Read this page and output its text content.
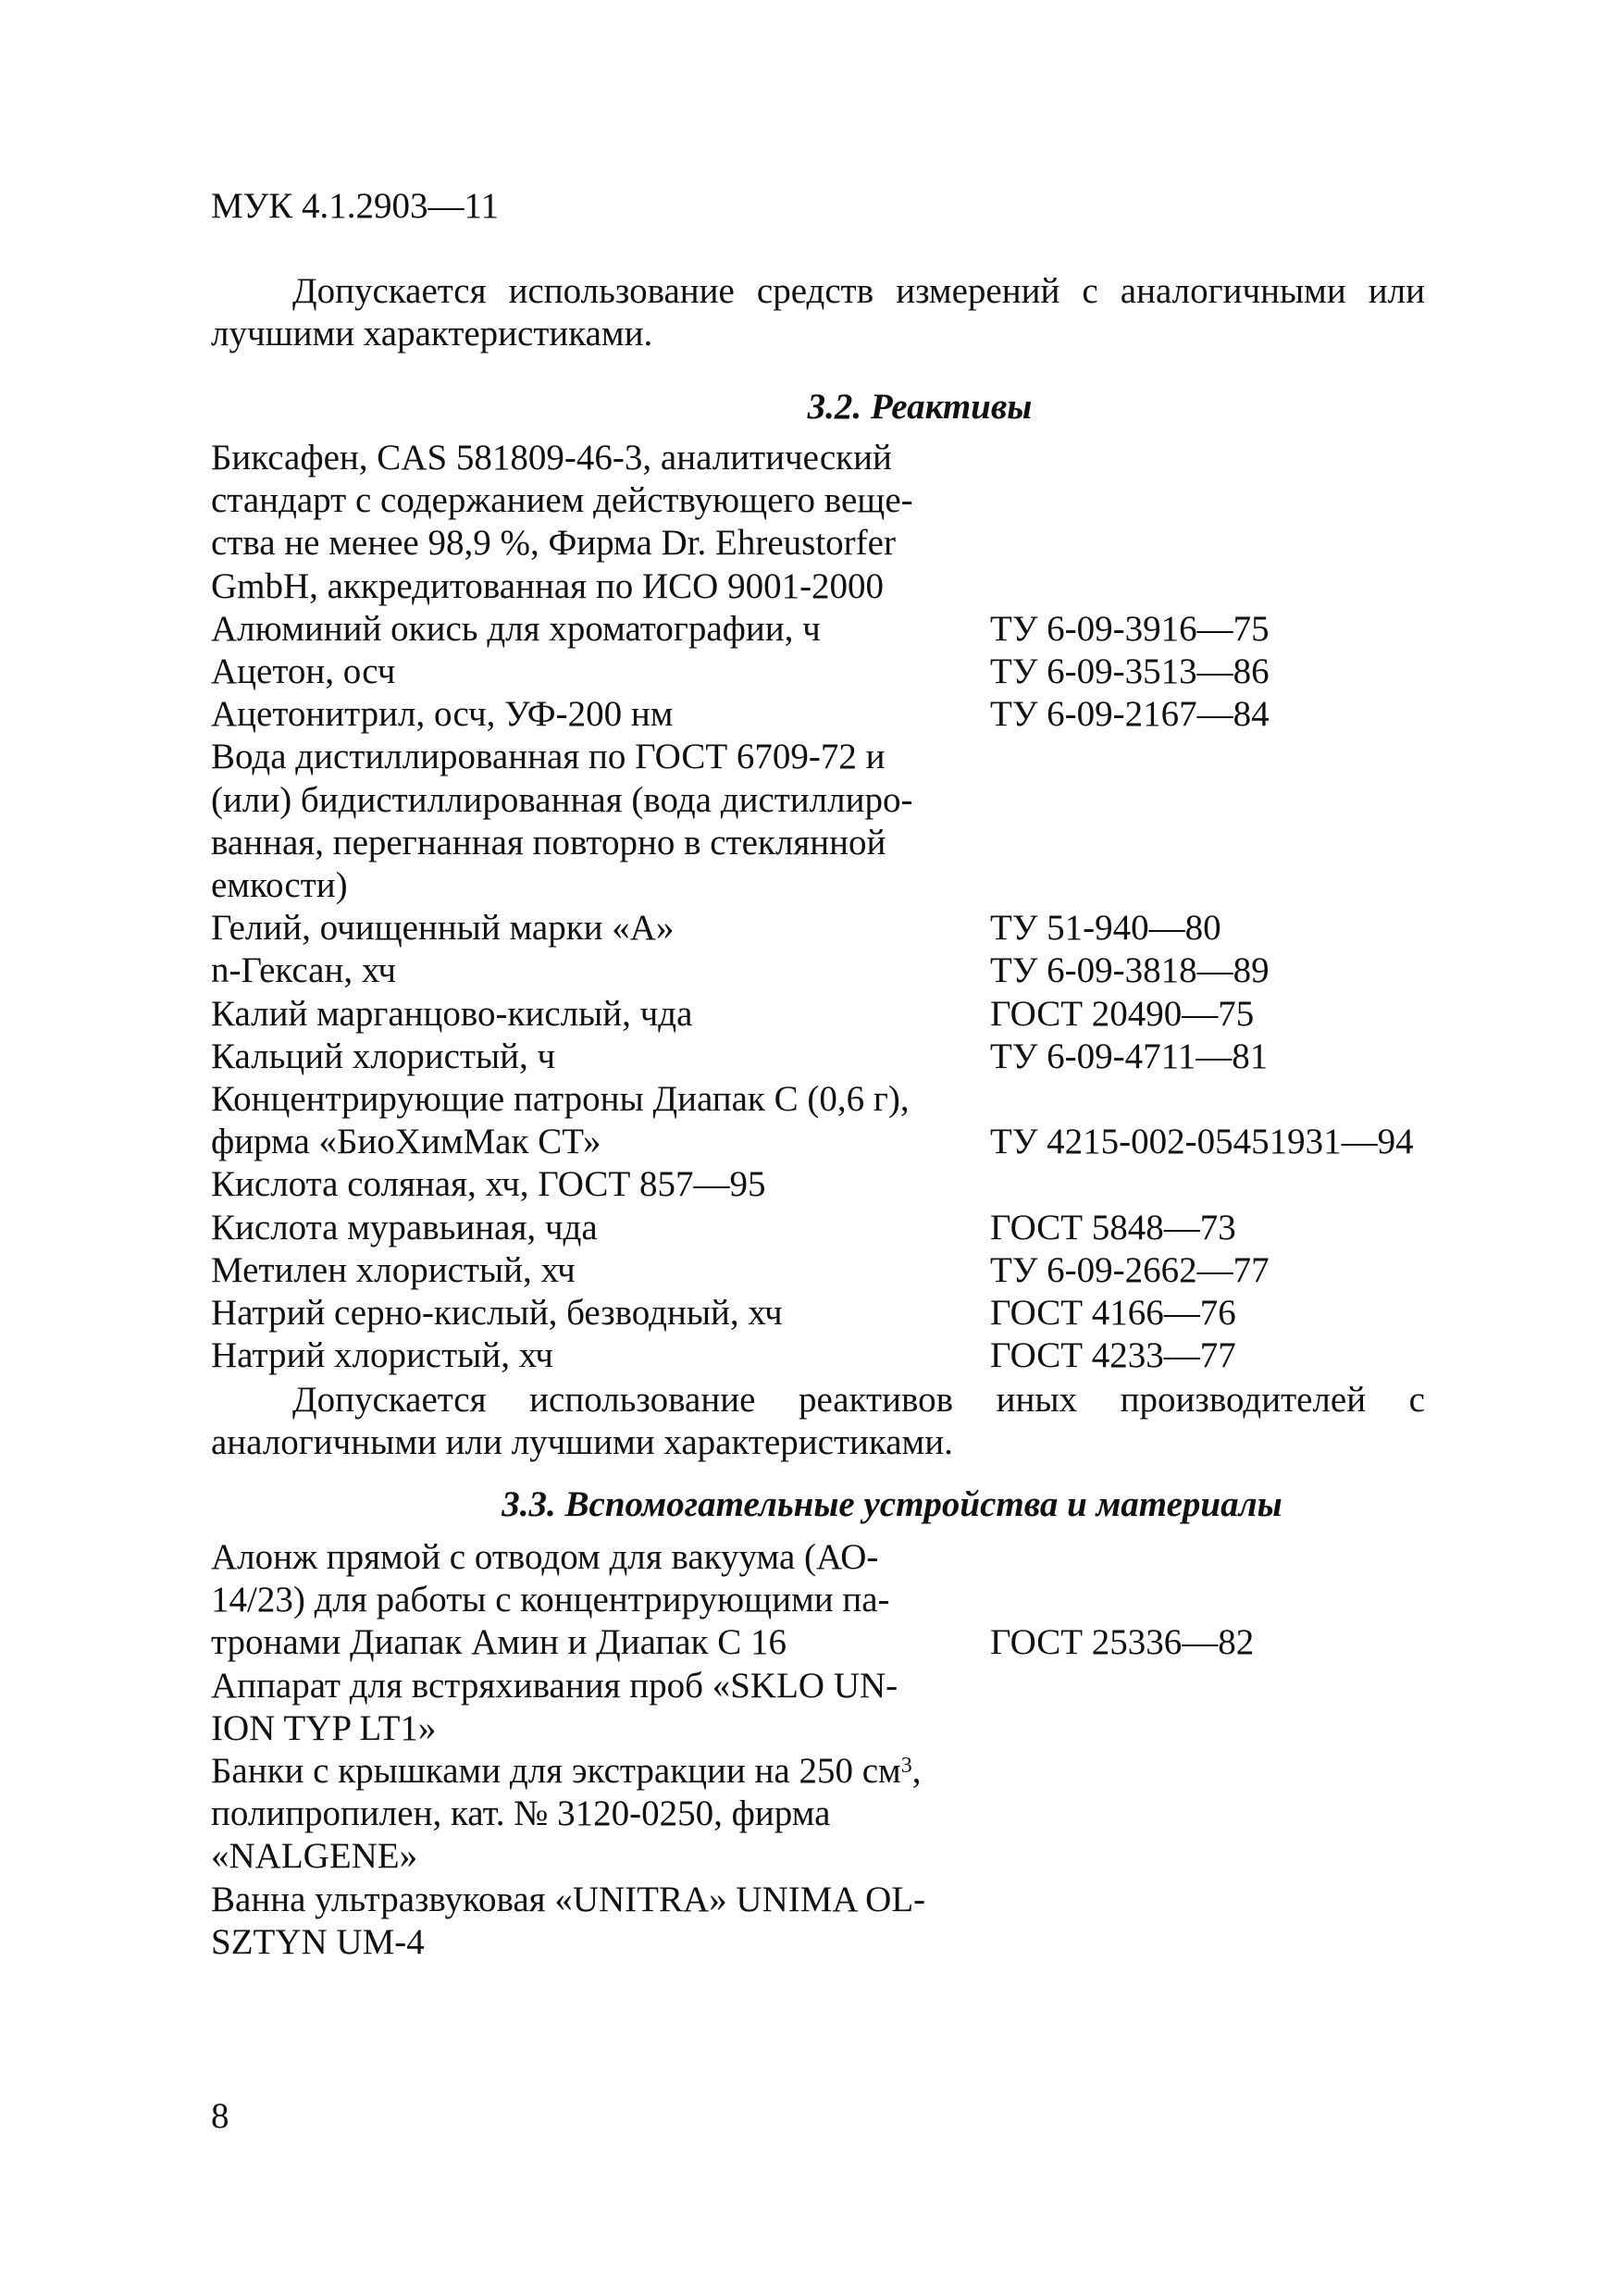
МУК 4.1.2903—11
Допускается использование средств измерений с аналогичными или лучшими характеристиками.
3.2. Реактивы
Биксафен, CAS 581809-46-3, аналитический
стандарт с содержанием действующего веще-
ства не менее 98,9 %, Фирма Dr. Ehreustorfer
GmbH, аккредитованная по ИСО 9001-2000
Алюминий окись для хроматографии, ч	ТУ 6-09-3916—75
Ацетон, осч	ТУ 6-09-3513—86
Ацетонитрил, осч, УФ-200 нм	ТУ 6-09-2167—84
Вода дистиллированная по ГОСТ 6709-72 и
(или) бидистиллированная (вода дистиллиро-
ванная, перегнанная повторно в стеклянной
емкости)
Гелий, очищенный марки «А»	ТУ 51-940—80
n-Гексан, хч	ТУ 6-09-3818—89
Калий марганцово-кислый, чда	ГОСТ 20490—75
Кальций хлористый, ч	ТУ 6-09-4711—81
Концентрирующие патроны Диапак С (0,6 г),
фирма «БиоХимМак СТ»	ТУ 4215-002-05451931—94
Кислота соляная, хч, ГОСТ 857—95
Кислота муравьиная, чда	ГОСТ 5848—73
Метилен хлористый, хч	ТУ 6-09-2662—77
Натрий серно-кислый, безводный, хч	ГОСТ 4166—76
Натрий хлористый, хч	ГОСТ 4233—77
Допускается использование реактивов иных производителей с аналогичными или лучшими характеристиками.
3.3. Вспомогательные устройства и материалы
Алонж прямой с отводом для вакуума (АО-
14/23) для работы с концентрирующими па-
тронами Диапак Амин и Диапак С 16	ГОСТ 25336—82
Аппарат для встряхивания проб «SKLO UN-
ION TYP LT1»
Банки с крышками для экстракции на 250 $см^3$,
полипропилен, кат. № 3120-0250, фирма
«NALGENE»
Ванна ультразвуковая «UNITRA» UNIMA OL-
SZTYN UM-4
8
